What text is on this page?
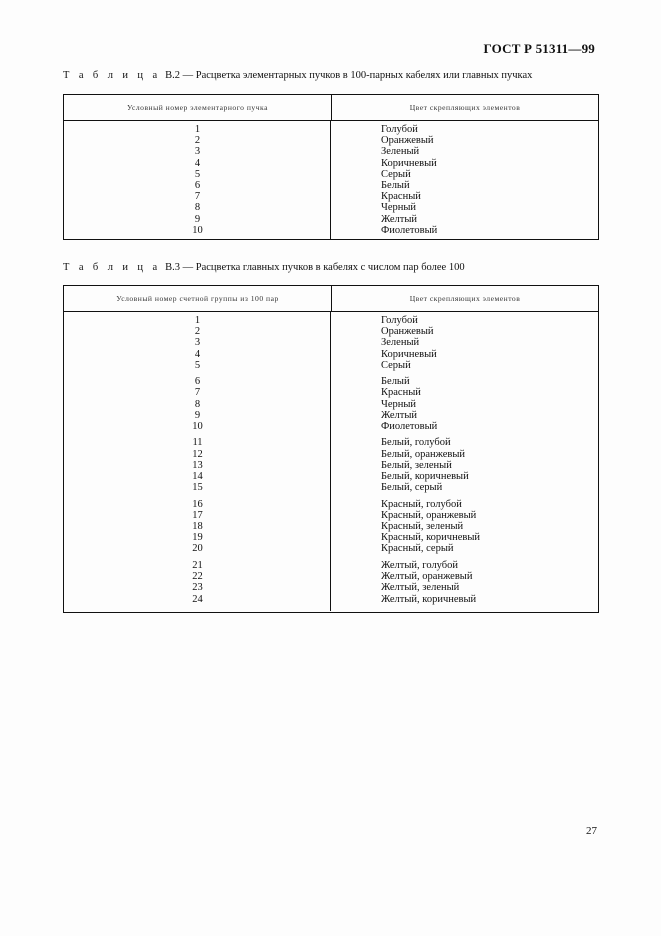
ГОСТ Р 51311—99
Т а б л и ц а В.2 — Расцветка элементарных пучков в 100-парных кабелях или главных пучках
Условный номер элементарного пучка	Цвет скрепляющих элементов
1	Голубой
2	Оранжевый
3	Зеленый
4	Коричневый
5	Серый
6	Белый
7	Красный
8	Черный
9	Желтый
10	Фиолетовый
Т а б л и ц а В.3 — Расцветка главных пучков в кабелях с числом пар более 100
Условный номер счетной группы из 100 пар	Цвет скрепляющих элементов
1	Голубой
2	Оранжевый
3	Зеленый
4	Коричневый
5	Серый
6	Белый
7	Красный
8	Черный
9	Желтый
10	Фиолетовый
11	Белый, голубой
12	Белый, оранжевый
13	Белый, зеленый
14	Белый, коричневый
15	Белый, серый
16	Красный, голубой
17	Красный, оранжевый
18	Красный, зеленый
19	Красный, коричневый
20	Красный, серый
21	Желтый, голубой
22	Желтый, оранжевый
23	Желтый, зеленый
24	Желтый, коричневый
27
